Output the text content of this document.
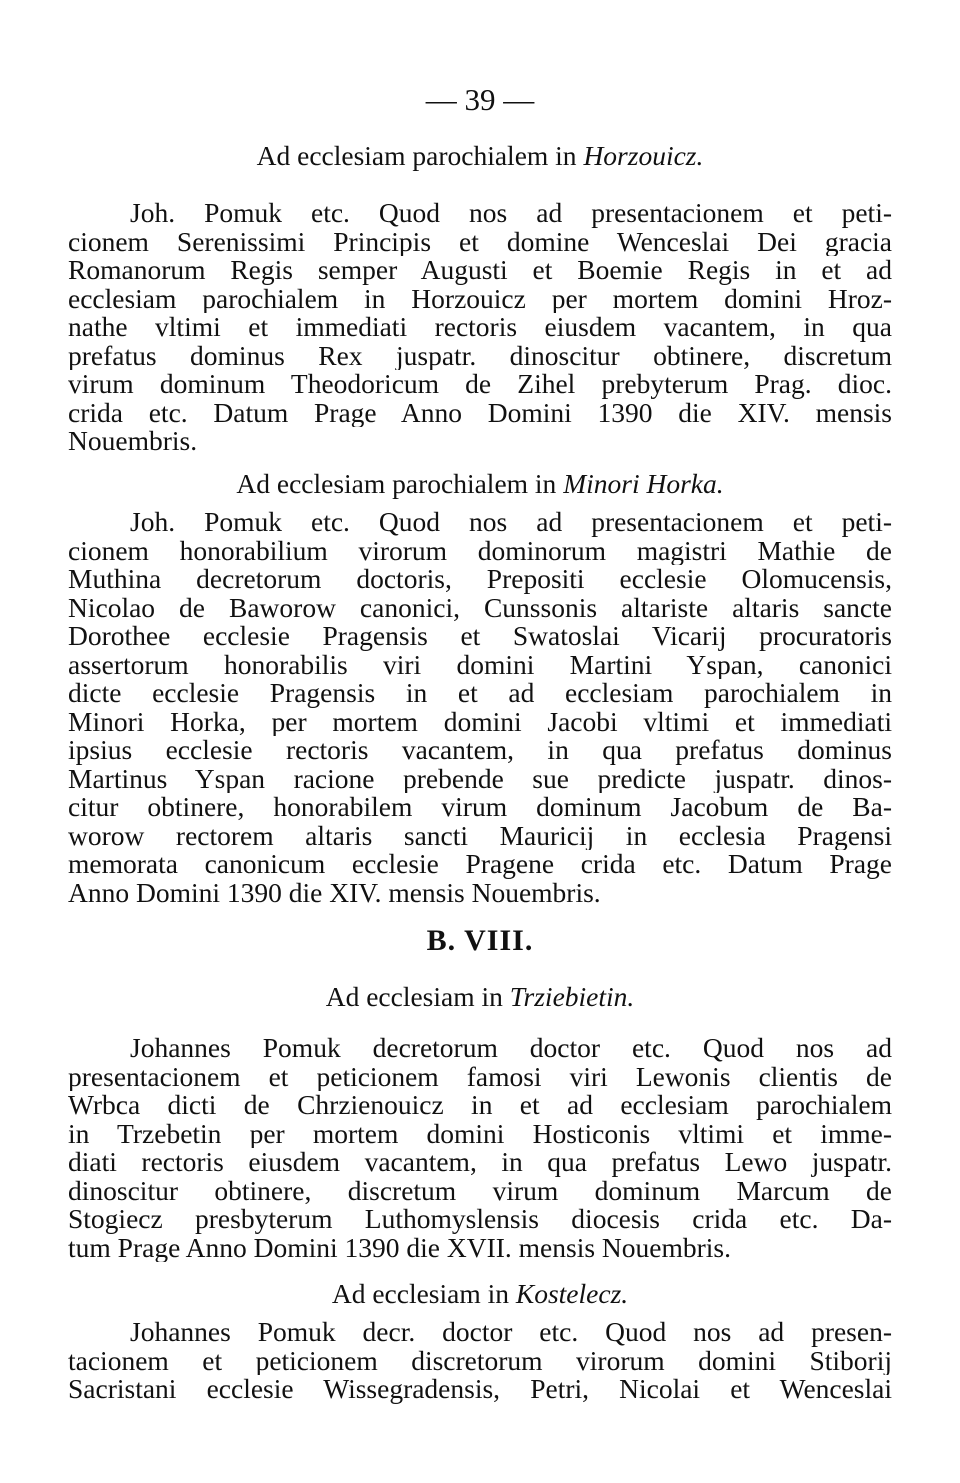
— 39 —
Ad ecclesiam parochialem in Horzouicz.
Joh. Pomuk etc. Quod nos ad presentacionem et peti-
cionem Serenissimi Principis et domine Wenceslai Dei gracia
Romanorum Regis semper Augusti et Boemie Regis in et ad
ecclesiam parochialem in Horzouicz per mortem domini Hroz-
nathe vltimi et immediati rectoris eiusdem vacantem, in qua
prefatus dominus Rex juspatr. dinoscitur obtinere, discretum
virum dominum Theodoricum de Zihel prebyterum Prag. dioc.
crida etc. Datum Prage Anno Domini 1390 die XIV. mensis
Nouembris.
Ad ecclesiam parochialem in Minori Horka.
Joh. Pomuk etc. Quod nos ad presentacionem et peti-
cionem honorabilium virorum dominorum magistri Mathie de
Muthina decretorum doctoris, Prepositi ecclesie Olomucensis,
Nicolao de Baworow canonici, Cunssonis altariste altaris sancte
Dorothee ecclesie Pragensis et Swatoslai Vicarij procuratoris
assertorum honorabilis viri domini Martini Yspan, canonici
dicte ecclesie Pragensis in et ad ecclesiam parochialem in
Minori Horka, per mortem domini Jacobi vltimi et immediati
ipsius ecclesie rectoris vacantem, in qua prefatus dominus
Martinus Yspan racione prebende sue predicte juspatr. dinos-
citur obtinere, honorabilem virum dominum Jacobum de Ba-
worow rectorem altaris sancti Mauricij in ecclesia Pragensi
memorata canonicum ecclesie Pragene crida etc. Datum Prage
Anno Domini 1390 die XIV. mensis Nouembris.
B. VIII.
Ad ecclesiam in Trziebietin.
Johannes Pomuk decretorum doctor etc. Quod nos ad
presentacionem et peticionem famosi viri Lewonis clientis de
Wrbca dicti de Chrzienouicz in et ad ecclesiam parochialem
in Trzebetin per mortem domini Hosticonis vltimi et imme-
diati rectoris eiusdem vacantem, in qua prefatus Lewo juspatr.
dinoscitur obtinere, discretum virum dominum Marcum de
Stogiecz presbyterum Luthomyslensis diocesis crida etc. Da-
tum Prage Anno Domini 1390 die XVII. mensis Nouembris.
Ad ecclesiam in Kostelecz.
Johannes Pomuk decr. doctor etc. Quod nos ad presen-
tacionem et peticionem discretorum virorum domini Stiborij
Sacristani ecclesie Wissegradensis, Petri, Nicolai et Wenceslai
